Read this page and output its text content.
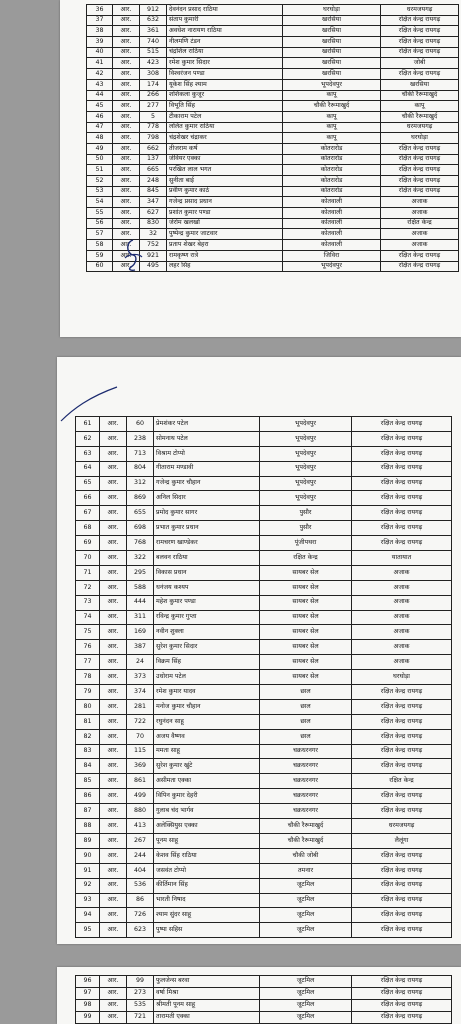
36	आर.	912	देवनंदन प्रसाद राठिया	घरघोड़ा	धरमजयगढ़
37	आर.	632	संताप कुमारी	खरसिया	रक्षित केन्द्र रायगढ़
38	आर.	361	अवधेश नारायण राठिया	खरसिया	रक्षित केन्द्र रायगढ़
39	आर.	740	नीलमणि टंडन	खरसिया	रक्षित केन्द्र रायगढ़
40	आर.	515	चंद्रशिल राठिया	खरसिया	रक्षित केन्द्र रायगढ़
41	आर.	423	रमेश कुमार सिदार	खरसिया	जोबी
42	आर.	308	विश्वरंजन पण्डा	खरसिया	रक्षित केन्द्र रायगढ़
43	आर.	174	यूकेश सिंह श्याम	भूपदेवपुर	खरसिया
44	आर.	266	शशिकला कुजूर	कापू	चौकी रैरूमाखुर्द
45	आर.	277	विभूति सिंह	चौकी रैरूमाखुर्द	कापू
46	आर.	5	टीकाराम पटेल	कापू	चौकी रैरूमाखुर्द
47	आर.	778	ललित कुमार राठिया	कापू	धरमजयगढ़
48	आर.	798	चंद्रशेखर चंद्राकर	कापू	घरघोड़ा
49	आर.	662	तीजराम कर्ष	कोतरारोड	रक्षित केन्द्र रायगढ़
50	आर.	137	जेवियर एक्का	कोतरारोड	रक्षित केन्द्र रायगढ़
51	आर.	665	परखित लाल भगत	कोतरारोड	रक्षित केन्द्र रायगढ़
52	आर.	248	सुनीता बाई	कोतरारोड	रक्षित केन्द्र रायगढ़
53	आर.	845	प्रवीण कुमार काठे	कोतरारोड	रक्षित केन्द्र रायगढ़
54	आर.	347	गजेन्द्र प्रसाद प्रधान	कोतवाली	अजाक
55	आर.	627	प्रशांत कुमार पण्डा	कोतवाली	अजाक
56	आर.	830	जेरोम खलखो	कोतवाली	रक्षित केन्द्र
57	आर.	32	पुष्पेन्द्र कुमार जाटवार	कोतवाली	अजाक
58	आर.	752	प्रताप शेखर बेहरा	कोतवाली	अजाक
59	आर.	921	रामकृष्ण रात्रे	जिविरा	रक्षित केन्द्र रायगढ़
60	आर.	495	लहर सिंह	भूपदेवपुर	रक्षित केन्द्र रायगढ़
61	आर.	60	प्रेमशंकर पटेल	भूपदेवपुर	रक्षित केन्द्र रायगढ़
62	आर.	238	सोमनाथ पटेल	भूपदेवपुर	रक्षित केन्द्र रायगढ़
63	आर.	713	विश्राम टोप्पो	भूपदेवपुर	रक्षित केन्द्र रायगढ़
64	आर.	804	गीताराम मण्डावी	भूपदेवपुर	रक्षित केन्द्र रायगढ़
65	आर.	312	गजेन्द्र कुमार चौहान	भूपदेवपुर	रक्षित केन्द्र रायगढ़
66	आर.	869	अनिल सिदार	भूपदेवपुर	रक्षित केन्द्र रायगढ़
67	आर.	655	प्रमोद कुमार सागर	पुसौर	रक्षित केन्द्र रायगढ़
68	आर.	698	प्रभात कुमार प्रधान	पुसौर	रक्षित केन्द्र रायगढ़
69	आर.	768	रामचरण खाण्डेकर	पूंजीपथरा	रक्षित केन्द्र रायगढ़
70	आर.	322	बलवन राठिया	रक्षित केन्द्र	यातायात
71	आर.	295	विकास प्रधान	सायबर सेल	अजाक
72	आर.	588	धनंजय कश्यप	सायबर सेल	अजाक
73	आर.	444	महेश कुमार पण्डा	सायबर सेल	अजाक
74	आर.	311	रविन्द्र कुमार गुप्ता	सायबर सेल	अजाक
75	आर.	169	नवीन शुक्ला	सायबर सेल	अजाक
76	आर.	387	सुरेश कुमार सिदार	सायबर सेल	अजाक
77	आर.	24	विक्रम सिंह	सायबर सेल	अजाक
78	आर.	373	उधोराम पटेल	सायबर सेल	घरघोड़ा
79	आर.	374	रमेश कुमार यादव	छाल	रक्षित केन्द्र रायगढ़
80	आर.	281	मनोज कुमार चौहान	छाल	रक्षित केन्द्र रायगढ़
81	आर.	722	रघुनंदन साहू	छाल	रक्षित केन्द्र रायगढ़
82	आर.	70	अजय वैष्णव	छाल	रक्षित केन्द्र रायगढ़
83	आर.	115	ममता साहू	चक्रधरनगर	रक्षित केन्द्र रायगढ़
84	आर.	369	सुरेश कुमार खुंटे	चक्रधरनगर	रक्षित केन्द्र रायगढ़
85	आर.	861	असीमता एक्का	चक्रधरनगर	रक्षित केन्द्र
86	आर.	499	विपिन कुमार देहरी	चक्रधरनगर	रक्षित केन्द्र रायगढ़
87	आर.	880	गुलाब चंद भार्गव	चक्रधरनगर	रक्षित केन्द्र रायगढ़
88	आर.	413	अलेक्सियुस एक्का	चौकी रैरूमाखुर्द	धरमजयगढ़
89	आर.	267	पूनम साहू	चौकी रैरूमाखुर्द	लैलूंगा
90	आर.	244	केशव सिंह राठिया	चौकी जोबी	रक्षित केन्द्र रायगढ़
91	आर.	404	जसवंत टोप्पो	तमनार	रक्षित केन्द्र रायगढ़
92	आर.	536	कीर्तिमान सिंह	जूटमिल	रक्षित केन्द्र रायगढ़
93	आर.	86	भारती निषाद	जूटमिल	रक्षित केन्द्र रायगढ़
94	आर.	726	श्याम सुंदर साहू	जूटमिल	रक्षित केन्द्र रायगढ़
95	आर.	623	पुष्पा सहिस	जूटमिल	रक्षित केन्द्र रायगढ़
96	आर.	99	फुलजेन्स बरवा	जूटमिल	रक्षित केन्द्र रायगढ़
97	आर.	273	वर्षा मिश्रा	जूटमिल	रक्षित केन्द्र रायगढ़
98	आर.	535	श्रीमती पूनम साहू	जूटमिल	रक्षित केन्द्र रायगढ़
99	आर.	721	तारामती एक्का	जूटमिल	रक्षित केन्द्र रायगढ़
